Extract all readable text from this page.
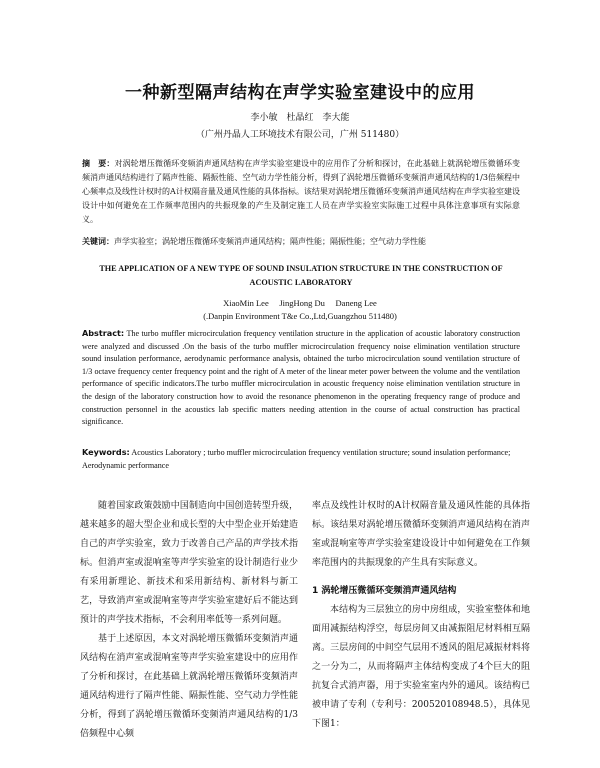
一种新型隔声结构在声学实验室建设中的应用
李小敏　杜晶红　李大能
（广州丹晶人工环境技术有限公司，广州 511480）
摘　要：对涡轮增压微循环变频消声通风结构在声学实验室建设中的应用作了分析和探讨，在此基础上就涡轮增压微循环变频消声通风结构进行了隔声性能、隔振性能、空气动力学性能分析，得到了涡轮增压微循环变频消声通风结构的1/3倍频程中心频率点及线性计权时的A计权隔音量及通风性能的具体指标。该结果对涡轮增压微循环变频消声通风结构在声学实验室建设设计中如何避免在工作频率范围内的共振现象的产生及制定施工人员在声学实验室实际施工过程中具体注意事项有实际意义。
关键词：声学实验室；涡轮增压微循环变频消声通风结构；隔声性能；隔振性能；空气动力学性能
THE APPLICATION OF A NEW TYPE OF SOUND INSULATION STRUCTURE IN THE CONSTRUCTION OF ACOUSTIC LABORATORY
XiaoMin Lee　 JingHong Du　 Daneng Lee
(.Danpin Environment T&e Co.,Ltd,Guangzhou 511480)
Abstract: The turbo muffler microcirculation frequency ventilation structure in the application of acoustic laboratory construction were analyzed and discussed .On the basis of the turbo muffler microcirculation frequency noise elimination ventilation structure sound insulation performance, aerodynamic performance analysis, obtained the turbo microcirculation sound ventilation structure of 1/3 octave frequency center frequency point and the right of A meter of the linear meter power between the volume and the ventilation performance of specific indicators.The turbo muffler microcirculation in acoustic frequency noise elimination ventilation structure in the design of the laboratory construction how to avoid the resonance phenomenon in the operating frequency range of produce and construction personnel in the acoustics lab specific matters needing attention in the course of actual construction has practical significance.
Keywords: Acoustics Laboratory ; turbo muffler microcirculation frequency ventilation structure; sound insulation performance; Aerodynamic performance

随着国家政策鼓励中国制造向中国创造转型升级，越来越多的超大型企业和成长型的大中型企业开始建造自己的声学实验室，致力于改善自己产品的声学技术指标。但消声室或混响室等声学实验室的设计制造行业少有采用新理论、新技术和采用新结构、新材料与新工艺，导致消声室或混响室等声学实验室建好后不能达到预计的声学技术指标，不会利用率低等一系列问题。

基于上述原因，本文对涡轮增压微循环变频消声通风结构在消声室或混响室等声学实验室建设中的应用作了分析和探讨，在此基础上就涡轮增压微循环变频消声通风结构进行了隔声性能、隔振性能、空气动力学性能分析，得到了涡轮增压微循环变频消声通风结构的1/3倍频程中心频

率点及线性计权时的A计权隔音量及通风性能的具体指标。该结果对涡轮增压微循环变频消声通风结构在消声室或混响室等声学实验室建设设计中如何避免在工作频率范围内的共振现象的产生具有实际意义。

1 涡轮增压微循环变频消声通风结构

本结构为三层独立的房中房组成，实验室整体和地面用减振结构浮空，每层房间又由减振阻尼材料相互隔离。三层房间的中间空气层用不透风的阻尼减振材料将之一分为二，从而将隔声主体结构变成了4个巨大的阻抗复合式消声器，用于实验室室内外的通风。该结构已被申请了专利（专利号：200520108948.5），具体见下图1：
